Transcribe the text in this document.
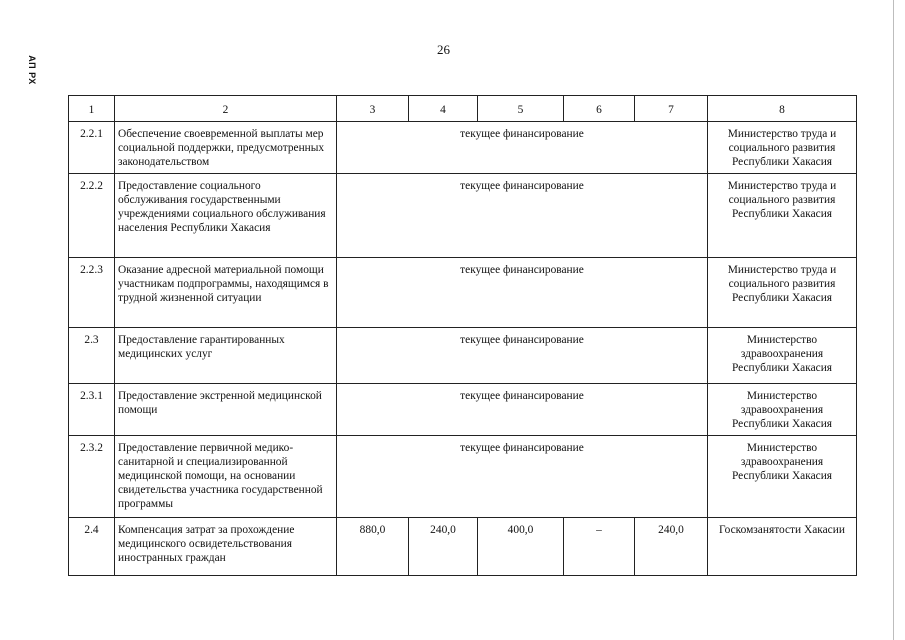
26
АП РХ
1	2	3	4	5	6	7	8
2.2.1	Обеспечение своевременной выплаты мер социальной поддержки, предусмотренных законодательством	текущее финансирование					Министерство труда и социального развития Республики Хакасия
2.2.2	Предоставление социального обслуживания государственными учреждениями социального обслуживания населения Республики Хакасия	текущее финансирование					Министерство труда и социального развития Республики Хакасия
2.2.3	Оказание адресной материальной помощи участникам подпрограммы, находящимся в трудной жизненной ситуации	текущее финансирование					Министерство труда и социального развития Республики Хакасия
2.3	Предоставление гарантированных медицинских услуг	текущее финансирование					Министерство здравоохранения Республики Хакасия
2.3.1	Предоставление экстренной медицинской помощи	текущее финансирование					Министерство здравоохранения Республики Хакасия
2.3.2	Предоставление первичной медико-санитарной и специализированной медицинской помощи, на основании свидетельства участника государственной программы	текущее финансирование					Министерство здравоохранения Республики Хакасия
2.4	Компенсация затрат за прохождение медицинского освидетельствования иностранных граждан	880,0	240,0	400,0	–	240,0	Госкомзанятости Хакасии
